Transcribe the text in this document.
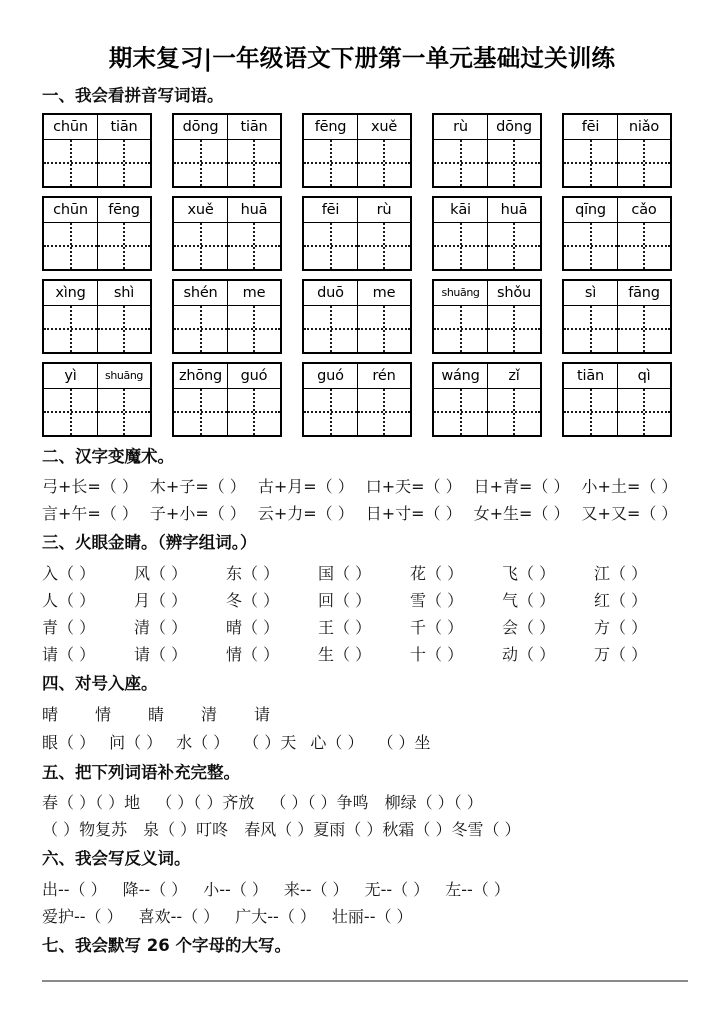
期末复习|一年级语文下册第一单元基础过关训练
一、我会看拼音写词语。
chūn	tiān	dōng	tiān	fēng	xuě	rù	dōng	fēi	niǎo
chūn	fēng	xuě	huā	fēi	rù	kāi	huā	qīng	cǎo
xìng	shì	shén	me	duō	me	shuāng	shǒu	sì	fāng
yì	shuāng	zhōng	guó	guó	rén	wáng	zǐ	tiān	qì
二、汉字变魔术。
弓+长=（ ） 木+子=（ ） 古+月=（ ） 口+天=（ ） 日+青=（ ） 小+土=（ ）
言+午=（ ） 子+小=（ ） 云+力=（ ） 日+寸=（ ） 女+生=（ ） 又+又=（ ）
三、火眼金睛。（辨字组词。）
入（ ）	风（ ）	东（ ）	国（ ）	花（ ）	飞（ ）	江（ ）
人（ ）	月（ ）	冬（ ）	回（ ）	雪（ ）	气（ ）	红（ ）
青（ ）	清（ ）	晴（ ）	王（ ）	千（ ）	会（ ）	方（ ）
请（ ）	请（ ）	情（ ）	生（ ）	十（ ）	动（ ）	万（ ）
四、对号入座。
晴 情 睛 清 请
眼（ ） 问（ ） 水（ ） （ ）天 心（ ） （ ）坐
五、把下列词语补充完整。
春（ ）（ ）地 （ ）（ ）齐放 （ ）（ ）争鸣 柳绿（ ）（ ）
（ ）物复苏 泉（ ）叮咚 春风（ ）夏雨（ ）秋霜（ ）冬雪（ ）
六、我会写反义词。
出--（ ） 降--（ ） 小--（ ） 来--（ ） 无--（ ） 左--（ ）
爱护--（ ） 喜欢--（ ） 广大--（ ） 壮丽--（ ）
七、我会默写 26 个字母的大写。
